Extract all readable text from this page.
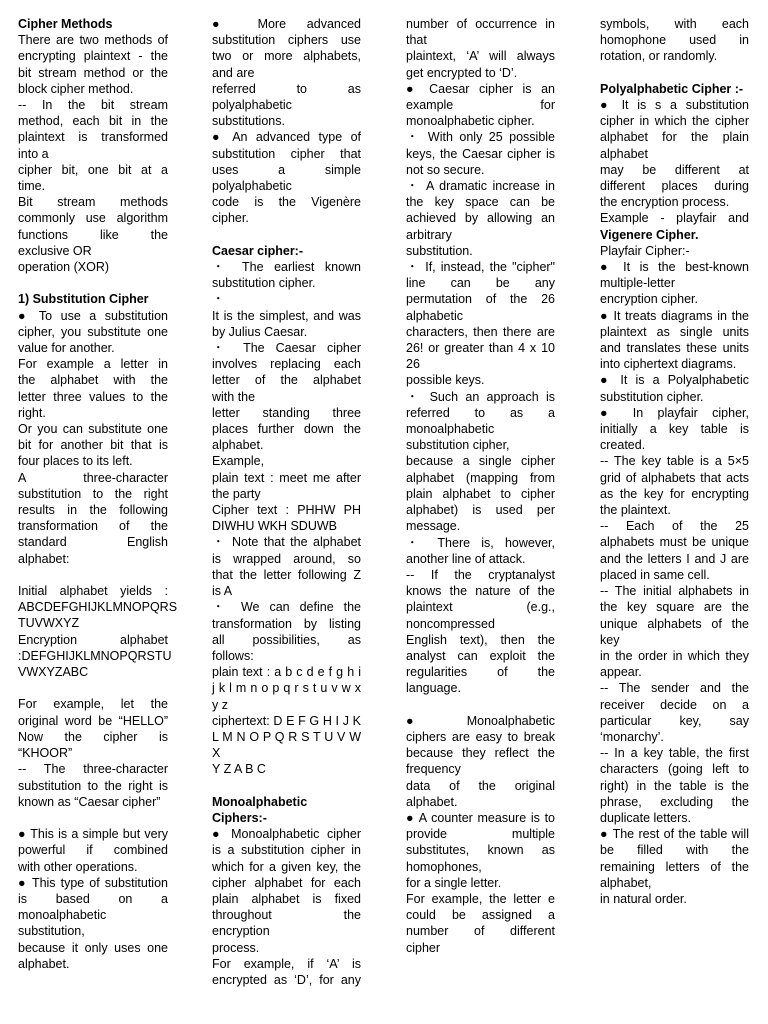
Cipher Methods
There are two methods of
encrypting plaintext - the
bit stream method or the
block cipher method.
-- In the bit stream
method, each bit in the
plaintext is transformed
into a
cipher bit, one bit at a
time.
Bit stream methods
commonly use algorithm
functions like the
exclusive OR
operation (XOR)
1) Substitution Cipher
● To use a substitution
cipher, you substitute one
value for another.
For example a letter in
the alphabet with the
letter three values to the
right.
Or you can substitute one
bit for another bit that is
four places to its left.
A three-character
substitution to the right
results in the following
transformation of the
standard English
alphabet:
Initial alphabet yields :
ABCDEFGHIJKLMNOPQRS
TUVWXYZ
Encryption alphabet
:DEFGHIJKLMNOPQRSTU
VWXYZABC
For example, let the
original word be “HELLO”
Now the cipher is
“KHOOR”
-- The three-character
substitution to the right is
known as “Caesar cipher”
● This is a simple but very
powerful if combined
with other operations.
● This type of substitution
is based on a
monoalphabetic
substitution,
because it only uses one
alphabet.
● More advanced
substitution ciphers use
two or more alphabets,
and are
referred to as
polyalphabetic
substitutions.
● An advanced type of
substitution cipher that
uses a simple
polyalphabetic
code is the Vigenère
cipher.
Caesar cipher:-
・ The earliest known
substitution cipher.
・
It is the simplest, and was
by Julius Caesar.
・ The Caesar cipher
involves replacing each
letter of the alphabet
with the
letter standing three
places further down the
alphabet.
Example,
plain text : meet me after
the party
Cipher text : PHHW PH
DIWHU WKH SDUWB
・ Note that the alphabet
is wrapped around, so
that the letter following Z
is A
・ We can define the
transformation by listing
all possibilities, as
follows:
plain text : a b c d e f g h i
j k l m n o p q r s t u v w x
y z
ciphertext: D E F G H I J K
L M N O P Q R S T U V W X
Y Z A B C
Monoalphabetic
Ciphers:-
● Monoalphabetic cipher
is a substitution cipher in
which for a given key, the
cipher alphabet for each
plain alphabet is fixed
throughout the
encryption
process.
For example, if ‘A’ is
encrypted as ‘D’, for any
number of occurrence in
that
plaintext, ‘A’ will always
get encrypted to ‘D’.
● Caesar cipher is an
example for
monoalphabetic cipher.
・ With only 25 possible
keys, the Caesar cipher is
not so secure.
・ A dramatic increase in
the key space can be
achieved by allowing an
arbitrary
substitution.
・ If, instead, the "cipher"
line can be any
permutation of the 26
alphabetic
characters, then there are
26! or greater than 4 x 10
26
possible keys.
・ Such an approach is
referred to as a
monoalphabetic
substitution cipher,
because a single cipher
alphabet (mapping from
plain alphabet to cipher
alphabet) is used per
message.
・ There is, however,
another line of attack.
-- If the cryptanalyst
knows the nature of the
plaintext (e.g.,
noncompressed
English text), then the
analyst can exploit the
regularities of the
language.
● Monoalphabetic
ciphers are easy to break
because they reflect the
frequency
data of the original
alphabet.
● A counter measure is to
provide multiple
substitutes, known as
homophones,
for a single letter.
For example, the letter e
could be assigned a
number of different
cipher
symbols, with each
homophone used in
rotation, or randomly.
Polyalphabetic Cipher :-
● It is s a substitution
cipher in which the cipher
alphabet for the plain
alphabet
may be different at
different places during
the encryption process.
Example - playfair and
Vigenere Cipher.
Playfair Cipher:-
● It is the best-known
multiple-letter
encryption cipher.
● It treats diagrams in the
plaintext as single units
and translates these units
into ciphertext diagrams.
● It is a Polyalphabetic
substitution cipher.
● In playfair cipher,
initially a key table is
created.
-- The key table is a 5×5
grid of alphabets that acts
as the key for encrypting
the plaintext.
-- Each of the 25
alphabets must be unique
and the letters I and J are
placed in same cell.
-- The initial alphabets in
the key square are the
unique alphabets of the
key
in the order in which they
appear.
-- The sender and the
receiver decide on a
particular key, say
‘monarchy’.
-- In a key table, the first
characters (going left to
right) in the table is the
phrase, excluding the
duplicate letters.
● The rest of the table will
be filled with the
remaining letters of the
alphabet,
in natural order.
